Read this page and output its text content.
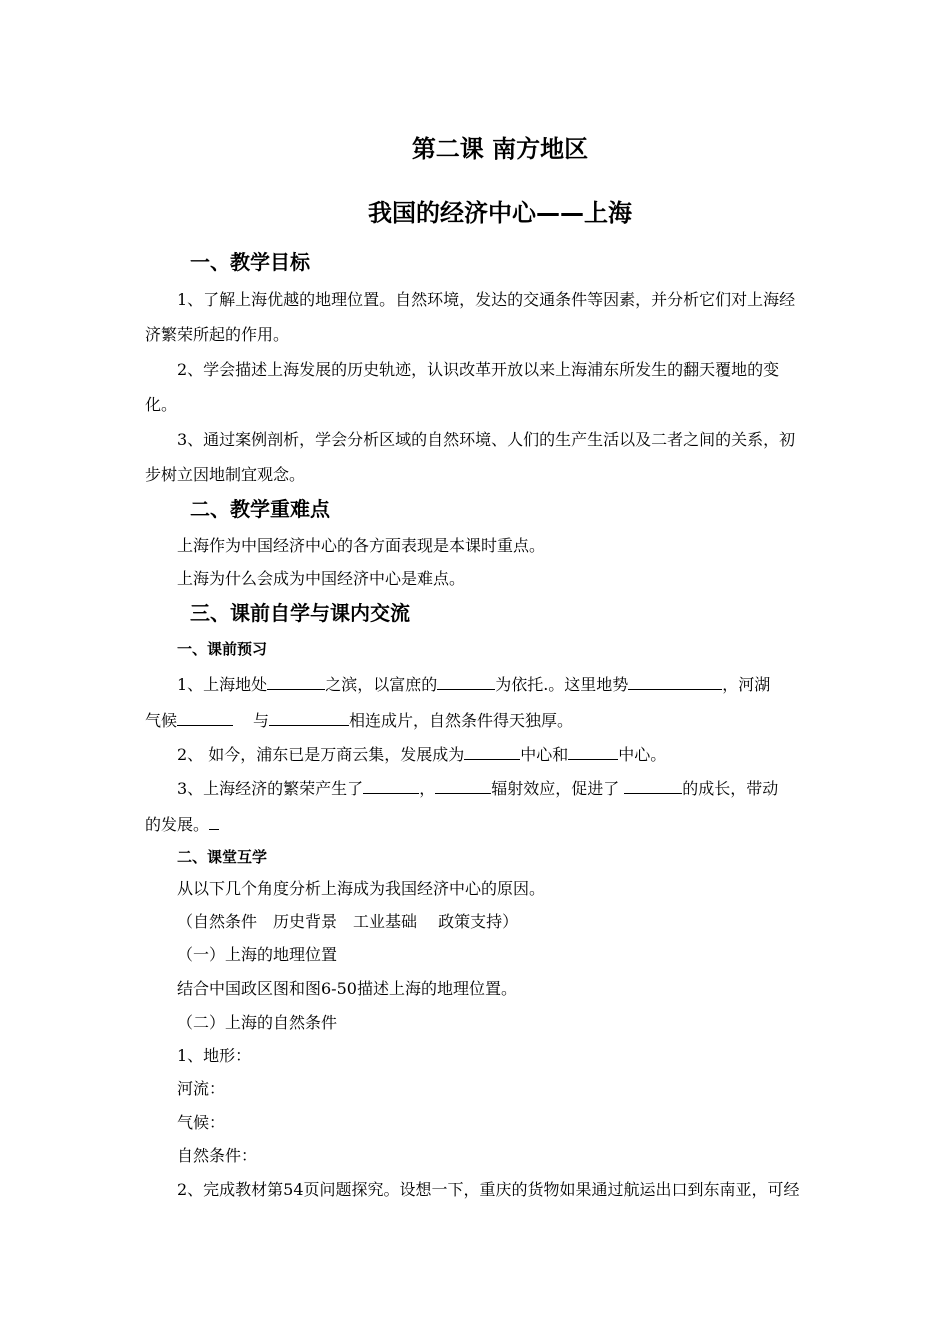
第二课 南方地区
我国的经济中心——上海
一、教学目标
1、了解上海优越的地理位置。自然环境，发达的交通条件等因素，并分析它们对上海经
济繁荣所起的作用。
2、学会描述上海发展的历史轨迹，认识改革开放以来上海浦东所发生的翻天覆地的变
化。
3、通过案例剖析，学会分析区域的自然环境、人们的生产生活以及二者之间的关系，初
步树立因地制宜观念。
二、教学重难点
上海作为中国经济中心的各方面表现是本课时重点。
上海为什么会成为中国经济中心是难点。
三、课前自学与课内交流
一、课前预习
1、上海地处	之滨，以富庶的	为依托.。这里地势	，河湖
气候	与	相连成片，自然条件得天独厚。
2、 如今，浦东已是万商云集，发展成为	中心和	中心。
3、上海经济的繁荣产生了	，	辐射效应，促进了	的成长，带动
的发展。
二、课堂互学
从以下几个角度分析上海成为我国经济中心的原因。
（自然条件　历史背景　工业基础　 政策支持）
（一）上海的地理位置
结合中国政区图和图6-50描述上海的地理位置。
（二）上海的自然条件
1、地形：
河流：
气候：
自然条件：
2、完成教材第54页问题探究。设想一下，重庆的货物如果通过航运出口到东南亚，可经
